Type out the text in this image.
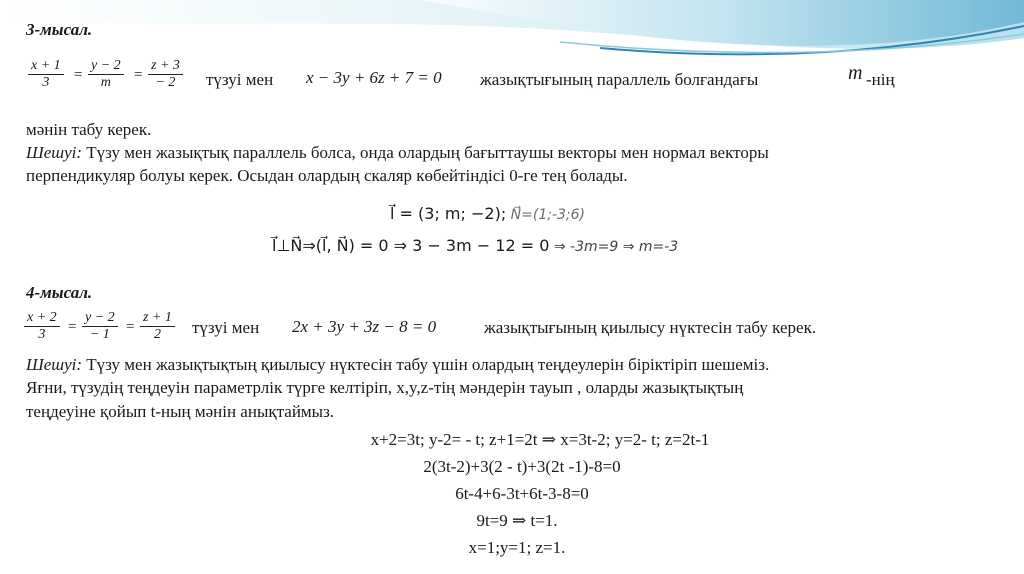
3-мысал.
$\frac{x + 1}{3} = \frac{y - 2}{m} = \frac{z + 3}{- 2}$ түзуі мен x − 3y + 6z + 7 = 0 жазықтығының параллель болғандағы	m -нің
мәнін табу керек.
Шешуі: Түзу мен жазықтық параллель болса, онда олардың бағыттаушы векторы мен нормал векторы
перпендикуляр болуы керек. Осыдан олардың скаляр көбейтіндісі 0-ге тең болады.
l⃗ = (3; m; −2); N⃗=(1;-3;6)
l⃗⊥N⃗⇒(l⃗, N⃗) = 0 ⇒ 3 − 3m − 12 = 0 ⇒ -3m=9 ⇒ m=-3
4-мысал.
$\frac{x + 2}{3} = \frac{y - 2}{- 1} = \frac{z + 1}{2}$ түзуі мен 2x + 3y + 3z − 8 = 0	жазықтығының қиылысу нүктесін табу керек.
Шешуі: Түзу мен жазықтықтың қиылысу нүктесін табу үшін олардың теңдеулерін біріктіріп шешеміз.
Яғни, түзудің теңдеуін параметрлік түрге келтіріп, x,y,z-тің мәндерін тауып , оларды жазықтықтың
теңдеуіне қойып t-ның мәнін анықтаймыз.
x+2=3t; y-2= - t; z+1=2t ⇒ x=3t-2; y=2- t; z=2t-1
2(3t-2)+3(2 - t)+3(2t -1)-8=0
6t-4+6-3t+6t-3-8=0
9t=9 ⇒ t=1.
x=1;y=1; z=1.
